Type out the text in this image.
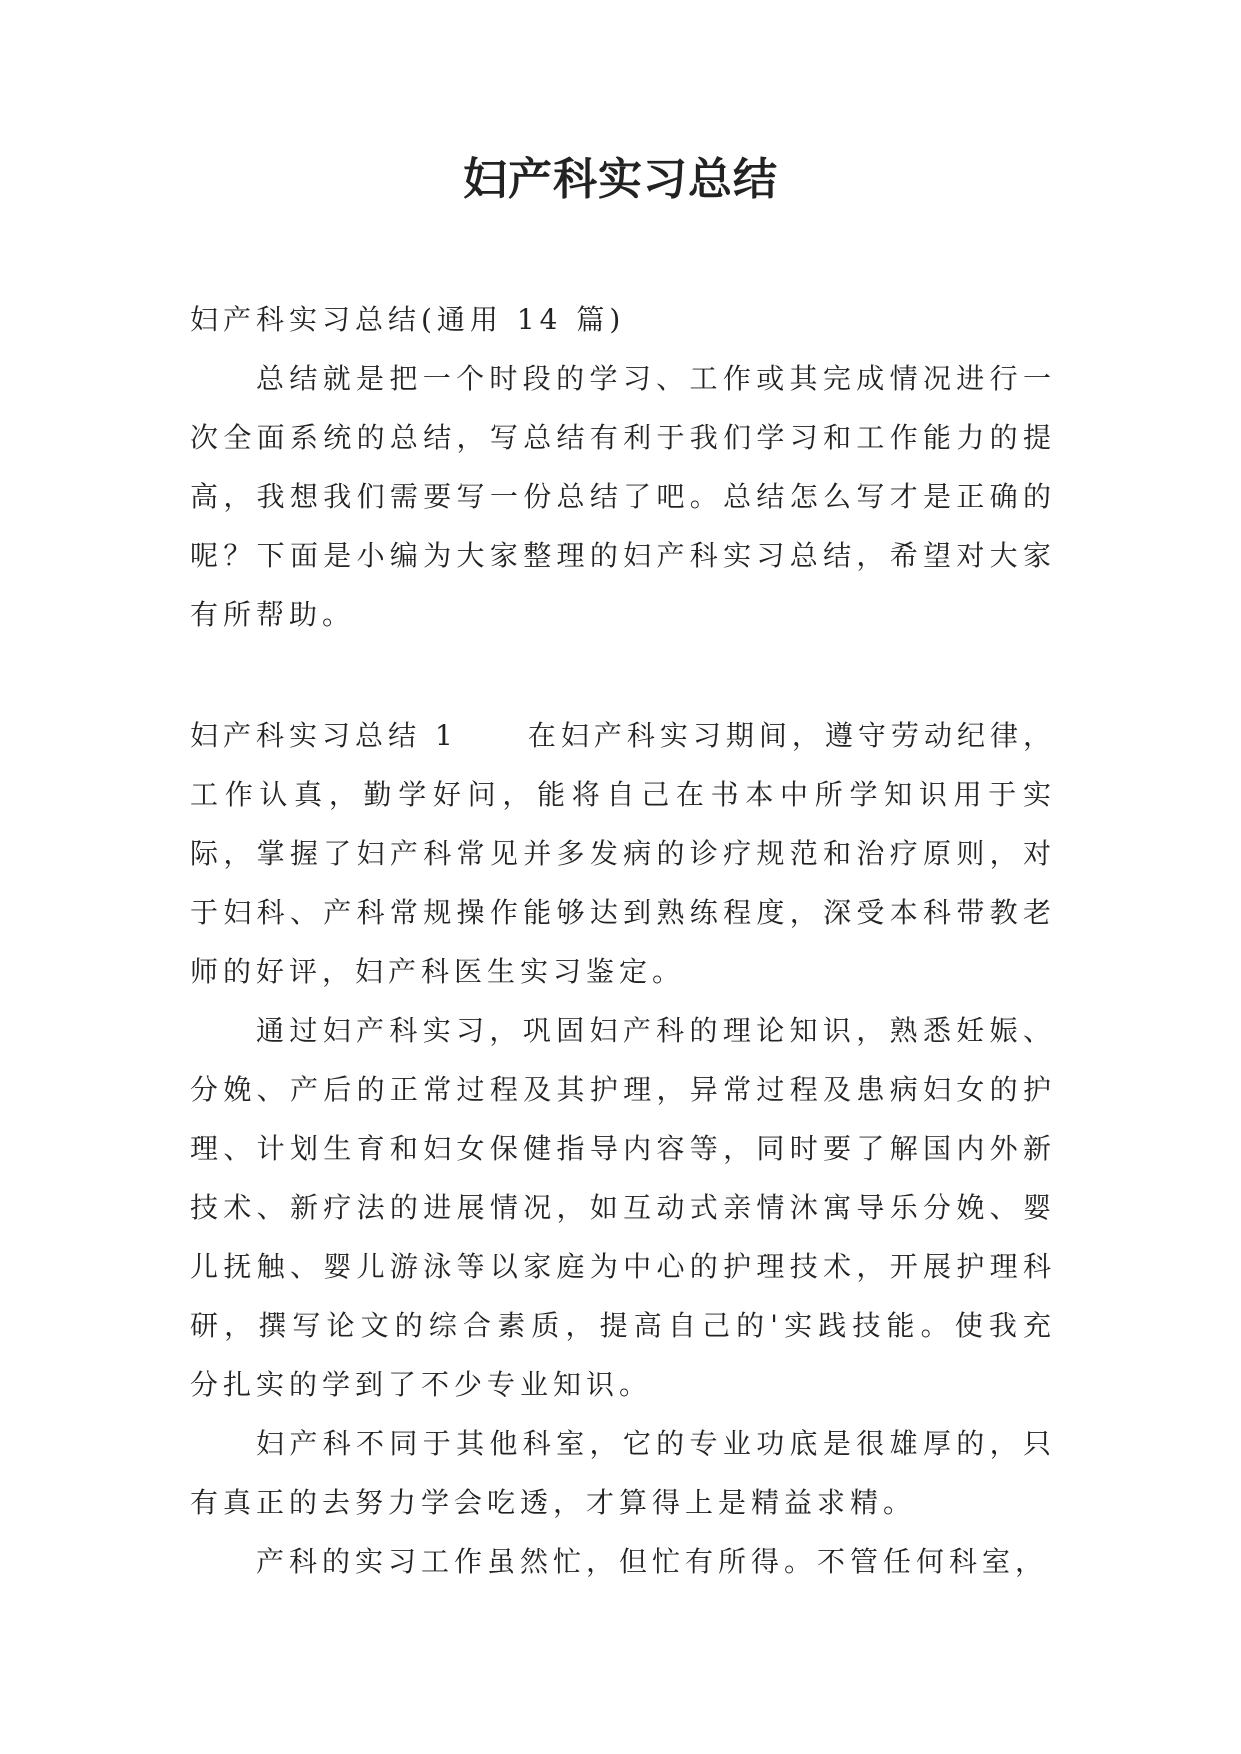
妇产科实习总结

妇产科实习总结(通用 14 篇)

总结就是把一个时段的学习、工作或其完成情况进行一次全面系统的总结，写总结有利于我们学习和工作能力的提高，我想我们需要写一份总结了吧。总结怎么写才是正确的呢？下面是小编为大家整理的妇产科实习总结，希望对大家有所帮助。

妇产科实习总结 1	在妇产科实习期间，遵守劳动纪律，工作认真，勤学好问，能将自己在书本中所学知识用于实际，掌握了妇产科常见并多发病的诊疗规范和治疗原则，对于妇科、产科常规操作能够达到熟练程度，深受本科带教老师的好评，妇产科医生实习鉴定。

通过妇产科实习，巩固妇产科的理论知识，熟悉妊娠、分娩、产后的正常过程及其护理，异常过程及患病妇女的护理、计划生育和妇女保健指导内容等，同时要了解国内外新技术、新疗法的进展情况，如互动式亲情沐寓导乐分娩、婴儿抚触、婴儿游泳等以家庭为中心的护理技术，开展护理科研，撰写论文的综合素质，提高自己的'实践技能。使我充分扎实的学到了不少专业知识。

妇产科不同于其他科室，它的专业功底是很雄厚的，只有真正的去努力学会吃透，才算得上是精益求精。

产科的实习工作虽然忙，但忙有所得。不管任何科室，
